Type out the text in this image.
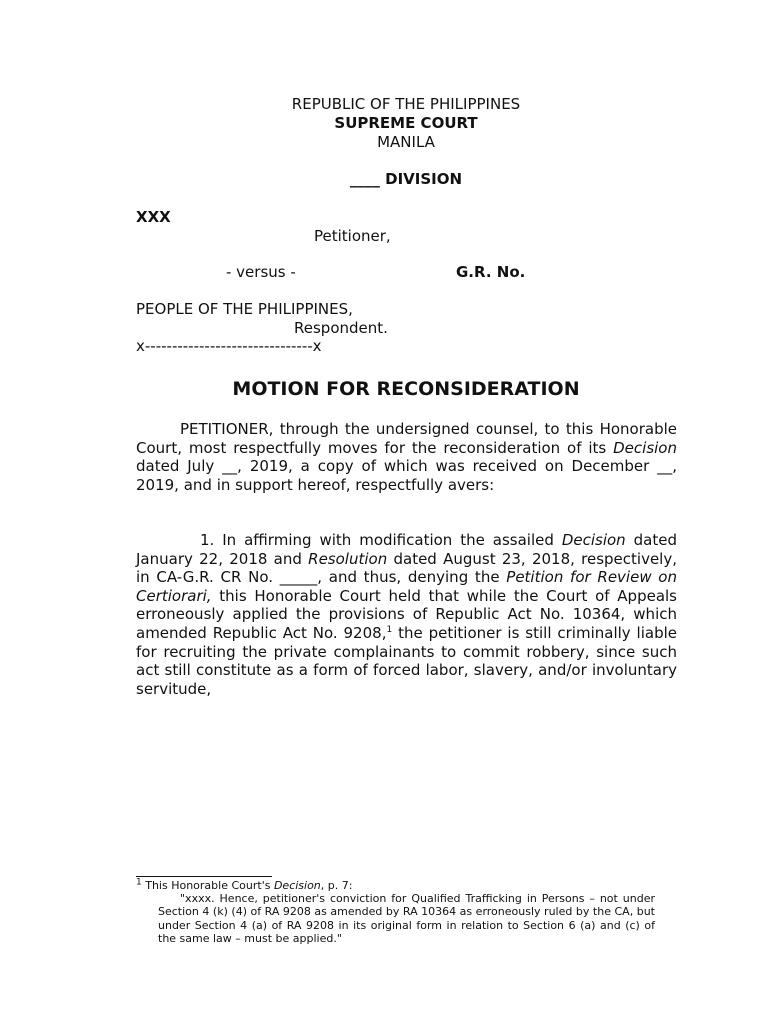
REPUBLIC OF THE PHILIPPINES
SUPREME COURT
MANILA
____ DIVISION
XXX
Petitioner,
- versus -	G.R. No.
PEOPLE OF THE PHILIPPINES,
Respondent.
x-------------------------------x
MOTION FOR RECONSIDERATION
PETITIONER, through the undersigned counsel, to this Honorable Court, most respectfully moves for the reconsideration of its Decision dated July __, 2019, a copy of which was received on December __, 2019, and in support hereof, respectfully avers:
1. In affirming with modification the assailed Decision dated January 22, 2018 and Resolution dated August 23, 2018, respectively, in CA-G.R. CR No. _____, and thus, denying the Petition for Review on Certiorari, this Honorable Court held that while the Court of Appeals erroneously applied the provisions of Republic Act No. 10364, which amended Republic Act No. 9208,$^1$ the petitioner is still criminally liable for recruiting the private complainants to commit robbery, since such act still constitute as a form of forced labor, slavery, and/or involuntary servitude,
$^1$ This Honorable Court's Decision, p. 7:
"xxxx. Hence, petitioner's conviction for Qualified Trafficking in Persons – not under Section 4 (k) (4) of RA 9208 as amended by RA 10364 as erroneously ruled by the CA, but under Section 4 (a) of RA 9208 in its original form in relation to Section 6 (a) and (c) of the same law – must be applied."
